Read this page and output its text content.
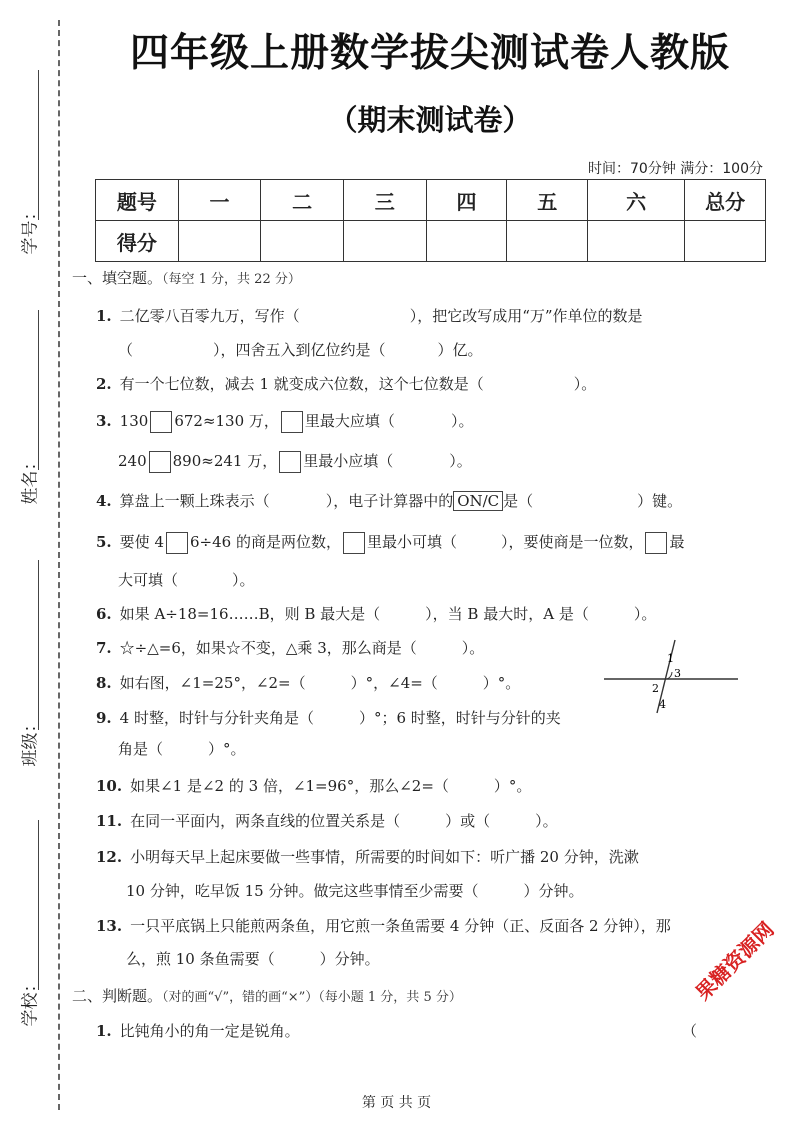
学号：
姓名：
班级：
学校：
四年级上册数学拔尖测试卷人教版
（期末测试卷）
时间：70分钟 满分：100分
题号	一	二	三	四	五	六	总分
得分							
一、填空题。（每空 1 分，共 22 分）
1. 二亿零八百零九万，写作（	），把它改写成用“万”作单位的数是
（	），四舍五入到亿位约是（	）亿。
2. 有一个七位数，减去 1 就变成六位数，这个七位数是（	）。
3. 130 672≈130 万， 里最大应填（	）。
240 890≈241 万， 里最小应填（	）。
4. 算盘上一颗上珠表示（	），电子计算器中的 ON/C 是（	）键。
5. 要使 4 6÷46 的商是两位数， 里最小可填（	），要使商是一位数， 最
大可填（	）。
6. 如果 A÷18=16……B，则 B 最大是（　　　），当 B 最大时，A 是（　　　）。
7. ☆÷△=6，如果☆不变，△乘 3，那么商是（　　　）。
8. 如右图，∠1=25°，∠2=（　　　）°，∠4=（　　　）°。
9. 4 时整，时针与分针夹角是（　　　）°；6 时整，时针与分针的夹
角是（　　　）°。
10. 如果∠1 是∠2 的 3 倍，∠1=96°，那么∠2=（　　　）°。
11. 在同一平面内，两条直线的位置关系是（　　　）或（　　　）。
12. 小明每天早上起床要做一些事情，所需要的时间如下：听广播 20 分钟，洗漱
10 分钟，吃早饭 15 分钟。做完这些事情至少需要（　　　）分钟。
13. 一只平底锅上只能煎两条鱼，用它煎一条鱼需要 4 分钟（正、反面各 2 分钟），那
么，煎 10 条鱼需要（　　　）分钟。
二、判断题。（对的画“√”，错的画“×”）（每小题 1 分，共 5 分）
1. 比钝角小的角一定是锐角。	（
1
2
3
4
果糖资源网
第 页 共 页
